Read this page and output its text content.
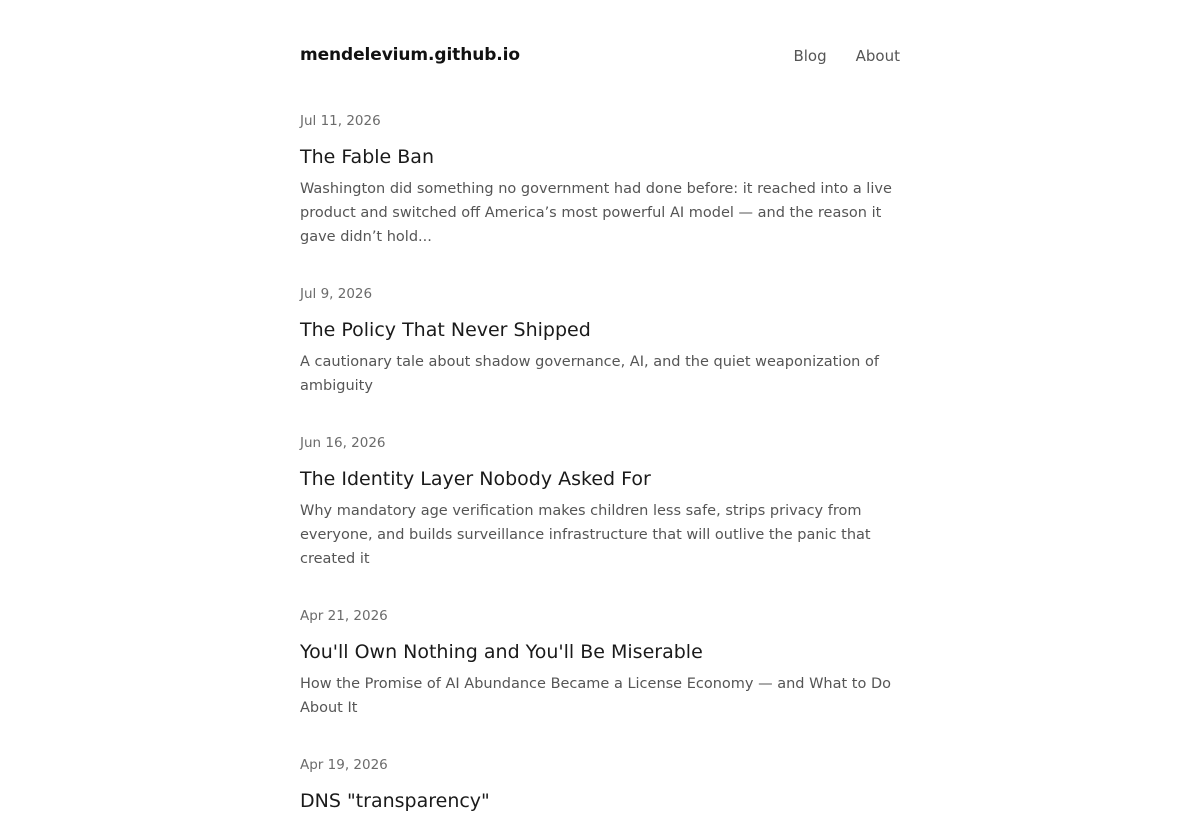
mendelevium.github.io	Blog About
Jul 11, 2026
The Fable Ban

Washington did something no government had done before: it reached into a live product and switched off America’s most powerful AI model — and the reason it gave didn’t hold...

Jul 9, 2026
The Policy That Never Shipped

A cautionary tale about shadow governance, AI, and the quiet weaponization of ambiguity

Jun 16, 2026
The Identity Layer Nobody Asked For

Why mandatory age verification makes children less safe, strips privacy from everyone, and builds surveillance infrastructure that will outlive the panic that created it

Apr 21, 2026
You'll Own Nothing and You'll Be Miserable

How the Promise of AI Abundance Became a License Economy — and What to Do About It

Apr 19, 2026
DNS "transparency"
